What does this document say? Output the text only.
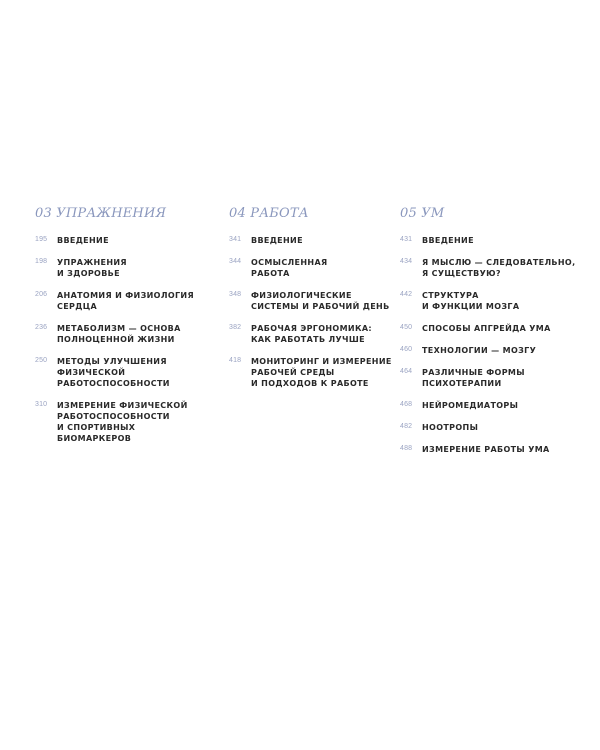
03 УПРАЖНЕНИЯ
195 ВВЕДЕНИЕ
198 УПРАЖНЕНИЯ
И ЗДОРОВЬЕ
206 АНАТОМИЯ И ФИЗИОЛОГИЯ
СЕРДЦА
236 МЕТАБОЛИЗМ — ОСНОВА
ПОЛНОЦЕННОЙ ЖИЗНИ
250 МЕТОДЫ УЛУЧШЕНИЯ
ФИЗИЧЕСКОЙ
РАБОТОСПОСОБНОСТИ
310 ИЗМЕРЕНИЕ ФИЗИЧЕСКОЙ
РАБОТОСПОСОБНОСТИ
И СПОРТИВНЫХ
БИОМАРКЕРОВ
04 РАБОТА
341 ВВЕДЕНИЕ
344 ОСМЫСЛЕННАЯ
РАБОТА
348 ФИЗИОЛОГИЧЕСКИЕ
СИСТЕМЫ И РАБОЧИЙ ДЕНЬ
382 РАБОЧАЯ ЭРГОНОМИКА:
КАК РАБОТАТЬ ЛУЧШЕ
418 МОНИТОРИНГ И ИЗМЕРЕНИЕ
РАБОЧЕЙ СРЕДЫ
И ПОДХОДОВ К РАБОТЕ
05 УМ
431 ВВЕДЕНИЕ
434 Я МЫСЛЮ — СЛЕДОВАТЕЛЬНО,
Я СУЩЕСТВУЮ?
442 СТРУКТУРА
И ФУНКЦИИ МОЗГА
450 СПОСОБЫ АПГРЕЙДА УМА
460 ТЕХНОЛОГИИ — МОЗГУ
464 РАЗЛИЧНЫЕ ФОРМЫ
ПСИХОТЕРАПИИ
468 НЕЙРОМЕДИАТОРЫ
482 НООТРОПЫ
488 ИЗМЕРЕНИЕ РАБОТЫ УМА
